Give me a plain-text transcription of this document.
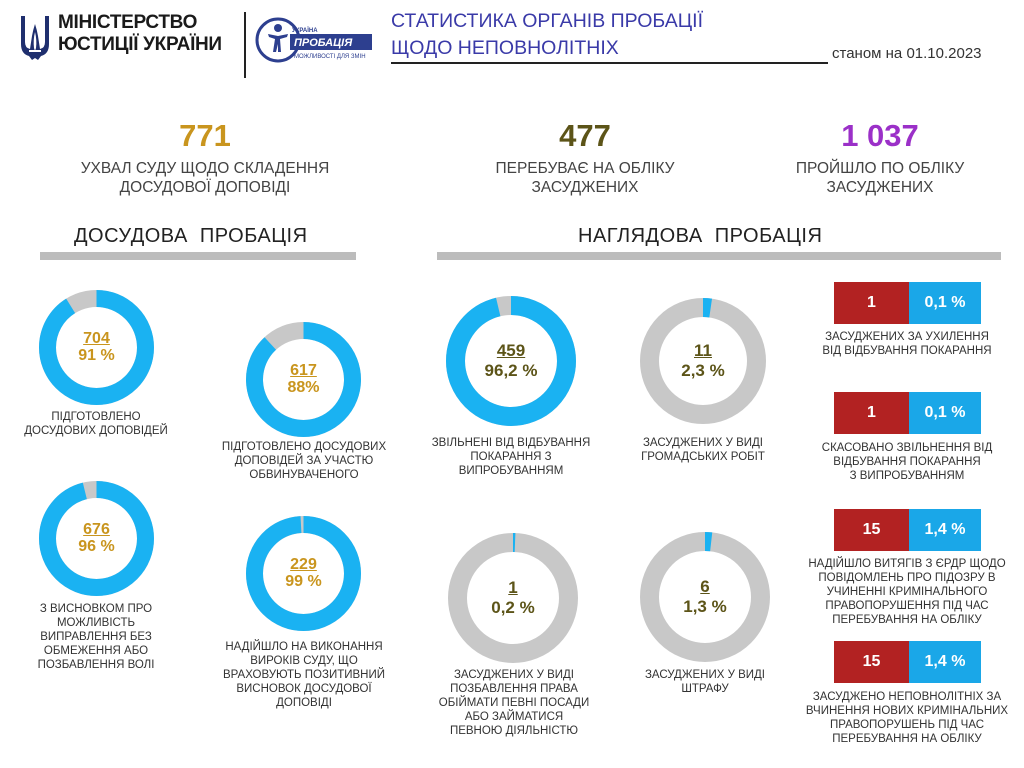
МІНІСТЕРСТВО
ЮСТИЦІЇ УКРАЇНИ
УКРАЇНА
ПРОБАЦІЯ
МОЖЛИВОСТІ ДЛЯ ЗМІН
СТАТИСТИКА ОРГАНІВ ПРОБАЦІЇ
ЩОДО НЕПОВНОЛІТНІХ	станом на 01.10.2023
771
УХВАЛ СУДУ ЩОДО СКЛАДЕННЯ
ДОСУДОВОЇ ДОПОВІДІ
477
ПЕРЕБУВАЄ НА ОБЛІКУ
ЗАСУДЖЕНИХ
1 037
ПРОЙШЛО ПО ОБЛІКУ
ЗАСУДЖЕНИХ
ДОСУДОВА ПРОБАЦІЯ	НАГЛЯДОВА ПРОБАЦІЯ
704
91 %
ПІДГОТОВЛЕНО
ДОСУДОВИХ ДОПОВІДЕЙ
617
88%
ПІДГОТОВЛЕНО ДОСУДОВИХ
ДОПОВІДЕЙ ЗА УЧАСТЮ
ОБВИНУВАЧЕНОГО
676
96 %
З ВИСНОВКОМ ПРО
МОЖЛИВІСТЬ
ВИПРАВЛЕННЯ БЕЗ
ОБМЕЖЕННЯ АБО
ПОЗБАВЛЕННЯ ВОЛІ
229
99 %
НАДІЙШЛО НА ВИКОНАННЯ
ВИРОКІВ СУДУ, ЩО
ВРАХОВУЮТЬ ПОЗИТИВНИЙ
ВИСНОВОК ДОСУДОВОЇ
ДОПОВІДІ
459
96,2 %
ЗВІЛЬНЕНІ ВІД ВІДБУВАННЯ
ПОКАРАННЯ З
ВИПРОБУВАННЯМ
11
2,3 %
ЗАСУДЖЕНИХ У ВИДІ
ГРОМАДСЬКИХ РОБІТ
1
0,2 %
ЗАСУДЖЕНИХ У ВИДІ
ПОЗБАВЛЕННЯ ПРАВА
ОБІЙМАТИ ПЕВНІ ПОСАДИ
АБО ЗАЙМАТИСЯ
ПЕВНОЮ ДІЯЛЬНІСТЮ
6
1,3 %
ЗАСУДЖЕНИХ У ВИДІ
ШТРАФУ
1	0,1 %
ЗАСУДЖЕНИХ ЗА УХИЛЕННЯ
ВІД ВІДБУВАННЯ ПОКАРАННЯ
1	0,1 %
СКАСОВАНО ЗВІЛЬНЕННЯ ВІД
ВІДБУВАННЯ ПОКАРАННЯ
З ВИПРОБУВАННЯМ
15	1,4 %
НАДІЙШЛО ВИТЯГІВ З ЄРДР ЩОДО
ПОВІДОМЛЕНЬ ПРО ПІДОЗРУ В
УЧИНЕННІ КРИМІНАЛЬНОГО
ПРАВОПОРУШЕННЯ ПІД ЧАС
ПЕРЕБУВАННЯ НА ОБЛІКУ
15	1,4 %
ЗАСУДЖЕНО НЕПОВНОЛІТНІХ ЗА
ВЧИНЕННЯ НОВИХ КРИМІНАЛЬНИХ
ПРАВОПОРУШЕНЬ ПІД ЧАС
ПЕРЕБУВАННЯ НА ОБЛІКУ
